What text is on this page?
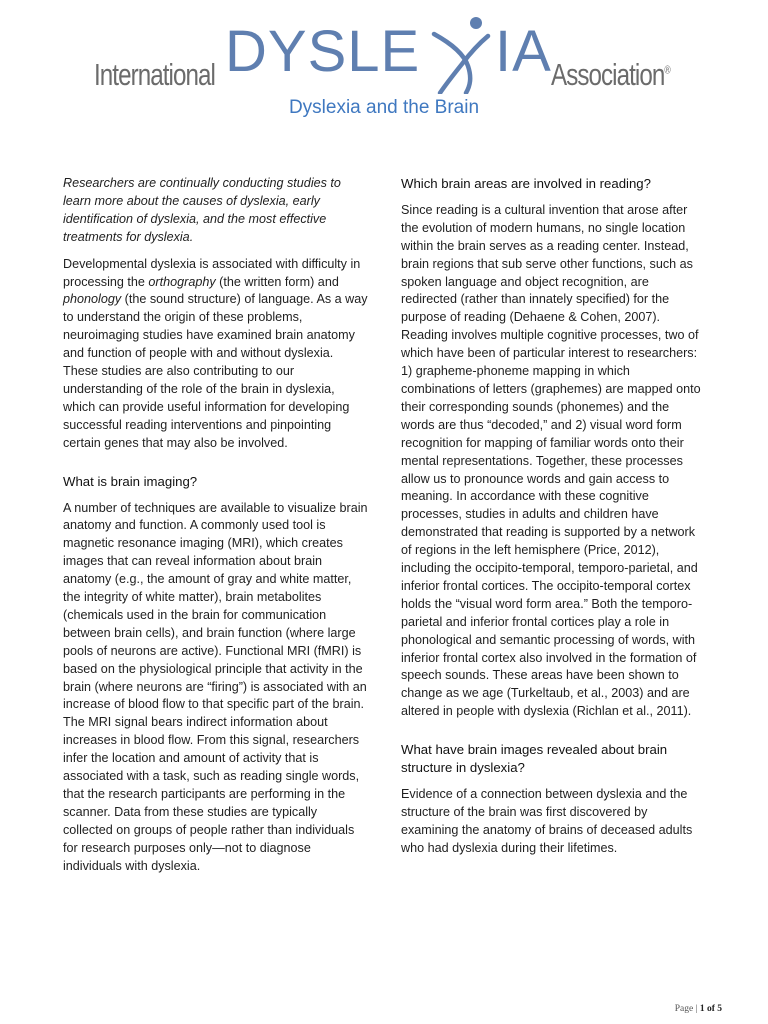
International DYSLE IA Association®
Dyslexia and the Brain

Researchers are continually conducting studies to learn more about the causes of dyslexia, early identification of dyslexia, and the most effective treatments for dyslexia.

Developmental dyslexia is associated with difficulty in processing the orthography (the written form) and phonology (the sound structure) of language. As a way to understand the origin of these problems, neuroimaging studies have examined brain anatomy and function of people with and without dyslexia. These studies are also contributing to our understanding of the role of the brain in dyslexia, which can provide useful information for developing successful reading interventions and pinpointing certain genes that may also be involved.

What is brain imaging?

A number of techniques are available to visualize brain anatomy and function. A commonly used tool is magnetic resonance imaging (MRI), which creates images that can reveal information about brain anatomy (e.g., the amount of gray and white matter, the integrity of white matter), brain metabolites (chemicals used in the brain for communication between brain cells), and brain function (where large pools of neurons are active). Functional MRI (fMRI) is based on the physiological principle that activity in the brain (where neurons are “firing”) is associated with an increase of blood flow to that specific part of the brain. The MRI signal bears indirect information about increases in blood flow. From this signal, researchers infer the location and amount of activity that is associated with a task, such as reading single words, that the research participants are performing in the scanner. Data from these studies are typically collected on groups of people rather than individuals for research purposes only—not to diagnose individuals with dyslexia.

Which brain areas are involved in reading?

Since reading is a cultural invention that arose after the evolution of modern humans, no single location within the brain serves as a reading center. Instead, brain regions that sub serve other functions, such as spoken language and object recognition, are redirected (rather than innately specified) for the purpose of reading (Dehaene & Cohen, 2007). Reading involves multiple cognitive processes, two of which have been of particular interest to researchers: 1) grapheme-phoneme mapping in which combinations of letters (graphemes) are mapped onto their corresponding sounds (phonemes) and the words are thus “decoded,” and 2) visual word form recognition for mapping of familiar words onto their mental representations. Together, these processes allow us to pronounce words and gain access to meaning. In accordance with these cognitive processes, studies in adults and children have demonstrated that reading is supported by a network of regions in the left hemisphere (Price, 2012), including the occipito-temporal, temporo-parietal, and inferior frontal cortices. The occipito-temporal cortex holds the “visual word form area.” Both the temporo-parietal and inferior frontal cortices play a role in phonological and semantic processing of words, with inferior frontal cortex also involved in the formation of speech sounds. These areas have been shown to change as we age (Turkeltaub, et al., 2003) and are altered in people with dyslexia (Richlan et al., 2011).

What have brain images revealed about brain structure in dyslexia?

Evidence of a connection between dyslexia and the structure of the brain was first discovered by examining the anatomy of brains of deceased adults who had dyslexia during their lifetimes.

Page | 1 of 5
